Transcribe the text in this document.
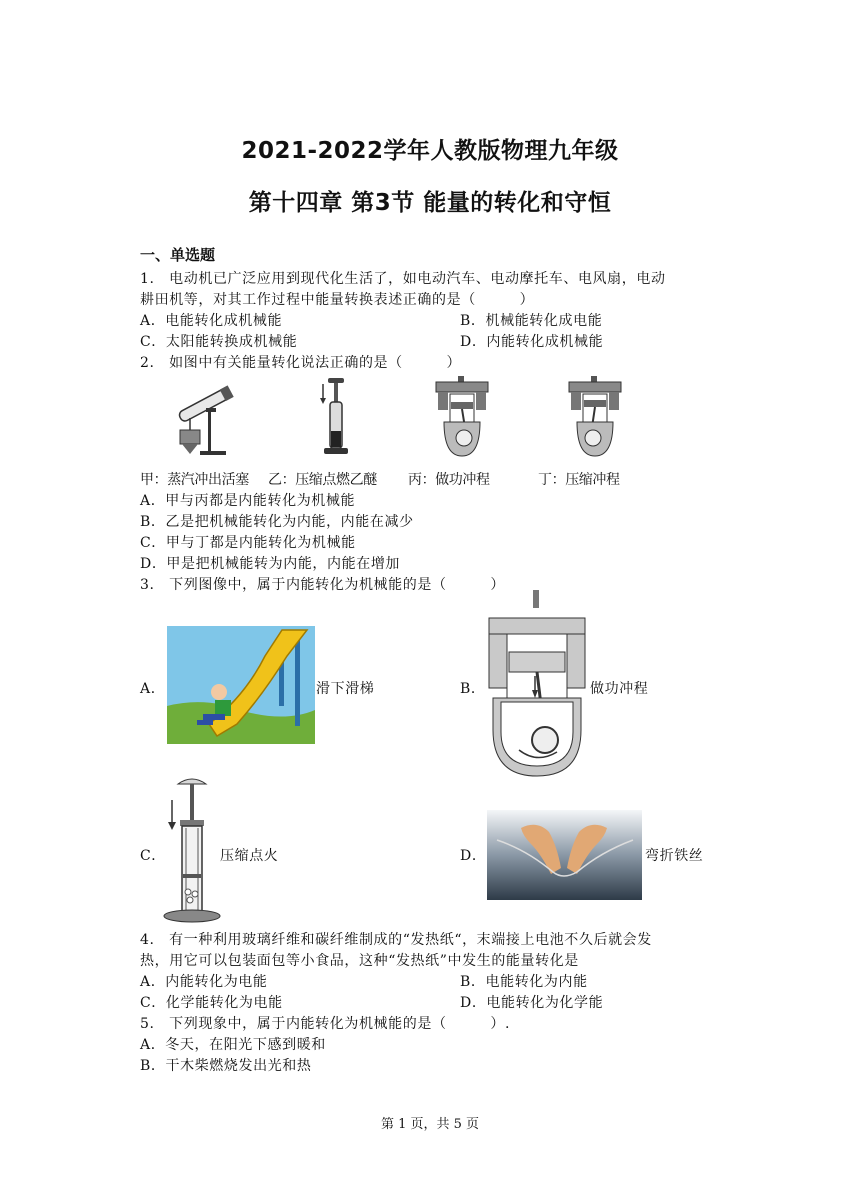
2021-2022学年人教版物理九年级
第十四章 第3节 能量的转化和守恒
一、单选题
1.　电动机已广泛应用到现代化生活了，如电动汽车、电动摩托车、电风扇，电动
耕田机等，对其工作过程中能量转换表述正确的是（　　　）
A．电能转化成机械能	B．机械能转化成电能
C．太阳能转换成机械能	D．内能转化成机械能
2.　如图中有关能量转化说法正确的是（　　　）
甲：蒸汽冲出活塞 乙：压缩点燃乙醚 丙：做功冲程	丁：压缩冲程
A．甲与丙都是内能转化为机械能
B．乙是把机械能转化为内能，内能在减少
C．甲与丁都是内能转化为机械能
D．甲是把机械能转为内能，内能在增加
3.　下列图像中，属于内能转化为机械能的是（　　　）
A．	滑下滑梯	B．	做功冲程
C．	压缩点火	D．	弯折铁丝
4.　有一种利用玻璃纤维和碳纤维制成的“发热纸“，末端接上电池不久后就会发
热，用它可以包装面包等小食品，这种“发热纸”中发生的能量转化是
A．内能转化为电能	B．电能转化为内能
C．化学能转化为电能	D．电能转化为化学能
5.　下列现象中，属于内能转化为机械能的是（　　　）.
A．冬天，在阳光下感到暖和
B．干木柴燃烧发出光和热
第 1 页，共 5 页
